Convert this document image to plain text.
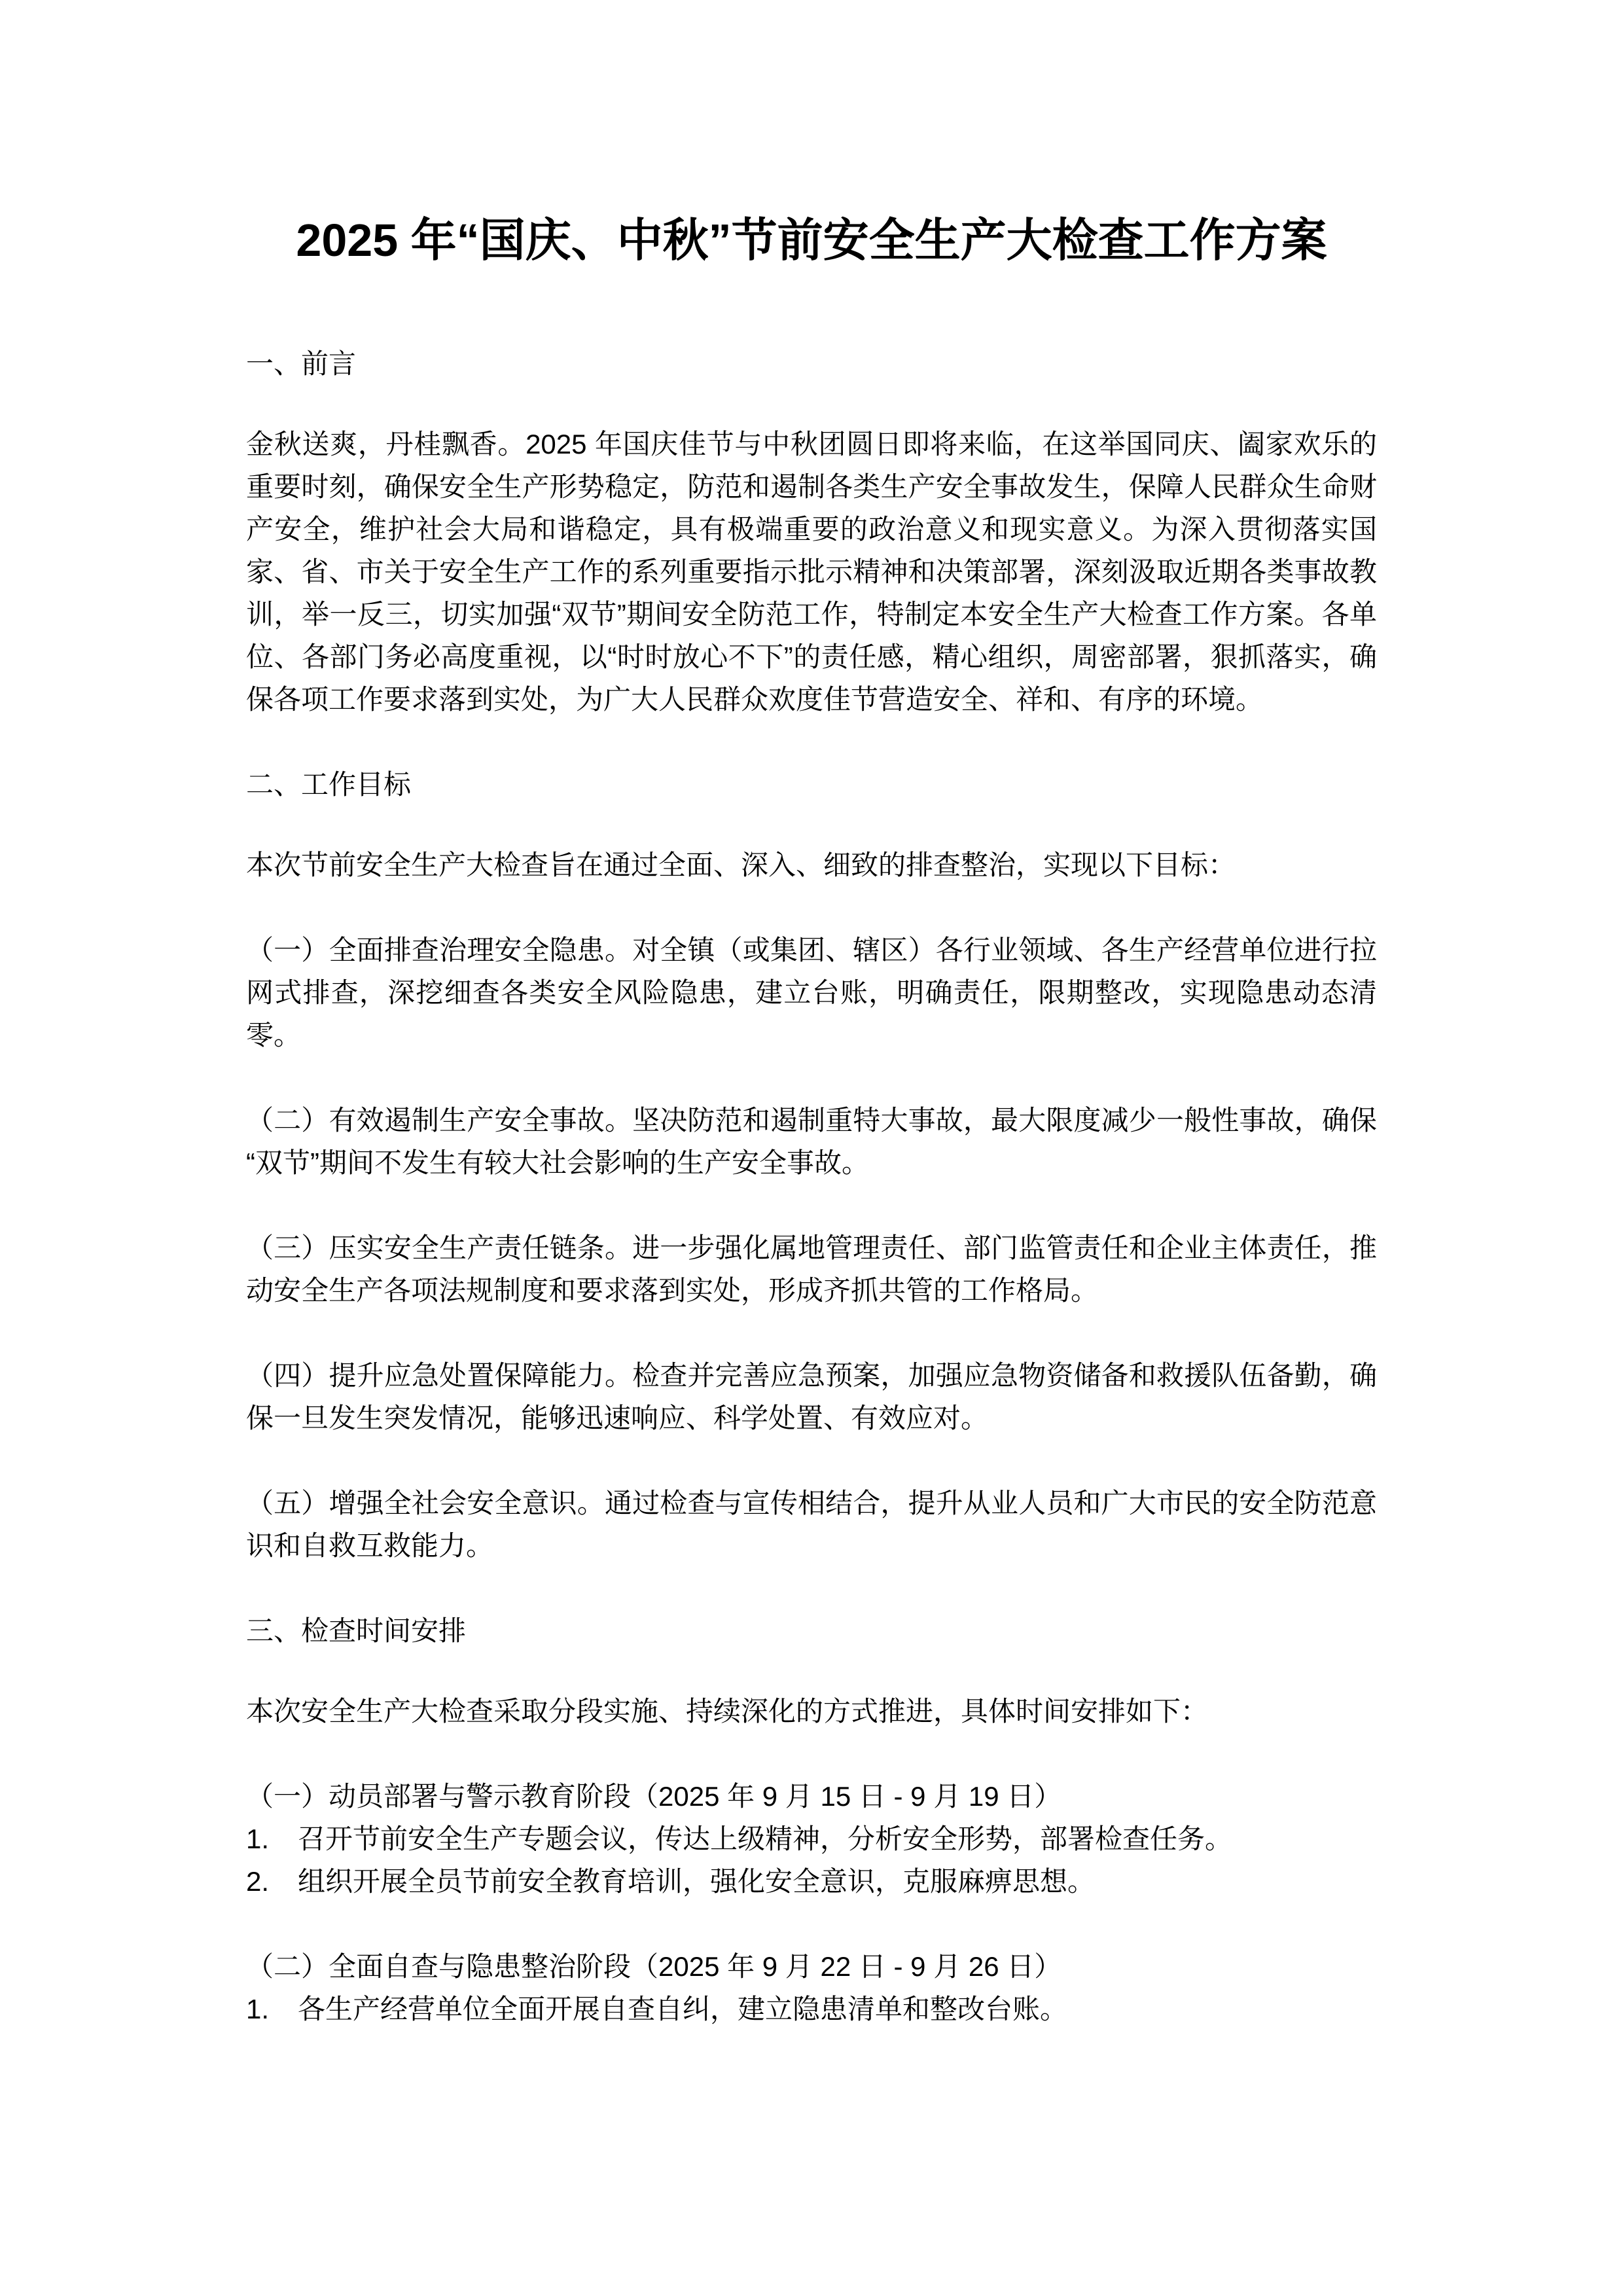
2025 年“国庆、中秋”节前安全生产大检查工作方案

一、前言

金秋送爽，丹桂飘香。2025 年国庆佳节与中秋团圆日即将来临，在这举国同庆、阖家欢乐的重要时刻，确保安全生产形势稳定，防范和遏制各类生产安全事故发生，保障人民群众生命财产安全，维护社会大局和谐稳定，具有极端重要的政治意义和现实意义。为深入贯彻落实国家、省、市关于安全生产工作的系列重要指示批示精神和决策部署，深刻汲取近期各类事故教训，举一反三，切实加强“双节”期间安全防范工作，特制定本安全生产大检查工作方案。各单位、各部门务必高度重视，以“时时放心不下”的责任感，精心组织，周密部署，狠抓落实，确保各项工作要求落到实处，为广大人民群众欢度佳节营造安全、祥和、有序的环境。

二、工作目标

本次节前安全生产大检查旨在通过全面、深入、细致的排查整治，实现以下目标：

（一）全面排查治理安全隐患。对全镇（或集团、辖区）各行业领域、各生产经营单位进行拉网式排查，深挖细查各类安全风险隐患，建立台账，明确责任，限期整改，实现隐患动态清零。

（二）有效遏制生产安全事故。坚决防范和遏制重特大事故，最大限度减少一般性事故，确保“双节”期间不发生有较大社会影响的生产安全事故。

（三）压实安全生产责任链条。进一步强化属地管理责任、部门监管责任和企业主体责任，推动安全生产各项法规制度和要求落到实处，形成齐抓共管的工作格局。

（四）提升应急处置保障能力。检查并完善应急预案，加强应急物资储备和救援队伍备勤，确保一旦发生突发情况，能够迅速响应、科学处置、有效应对。

（五）增强全社会安全意识。通过检查与宣传相结合，提升从业人员和广大市民的安全防范意识和自救互救能力。

三、检查时间安排

本次安全生产大检查采取分段实施、持续深化的方式推进，具体时间安排如下：

（一）动员部署与警示教育阶段（2025 年 9 月 15 日 - 9 月 19 日）

1.	召开节前安全生产专题会议，传达上级精神，分析安全形势，部署检查任务。
2.	组织开展全员节前安全教育培训，强化安全意识，克服麻痹思想。

（二）全面自查与隐患整治阶段（2025 年 9 月 22 日 - 9 月 26 日）

1.	各生产经营单位全面开展自查自纠，建立隐患清单和整改台账。
